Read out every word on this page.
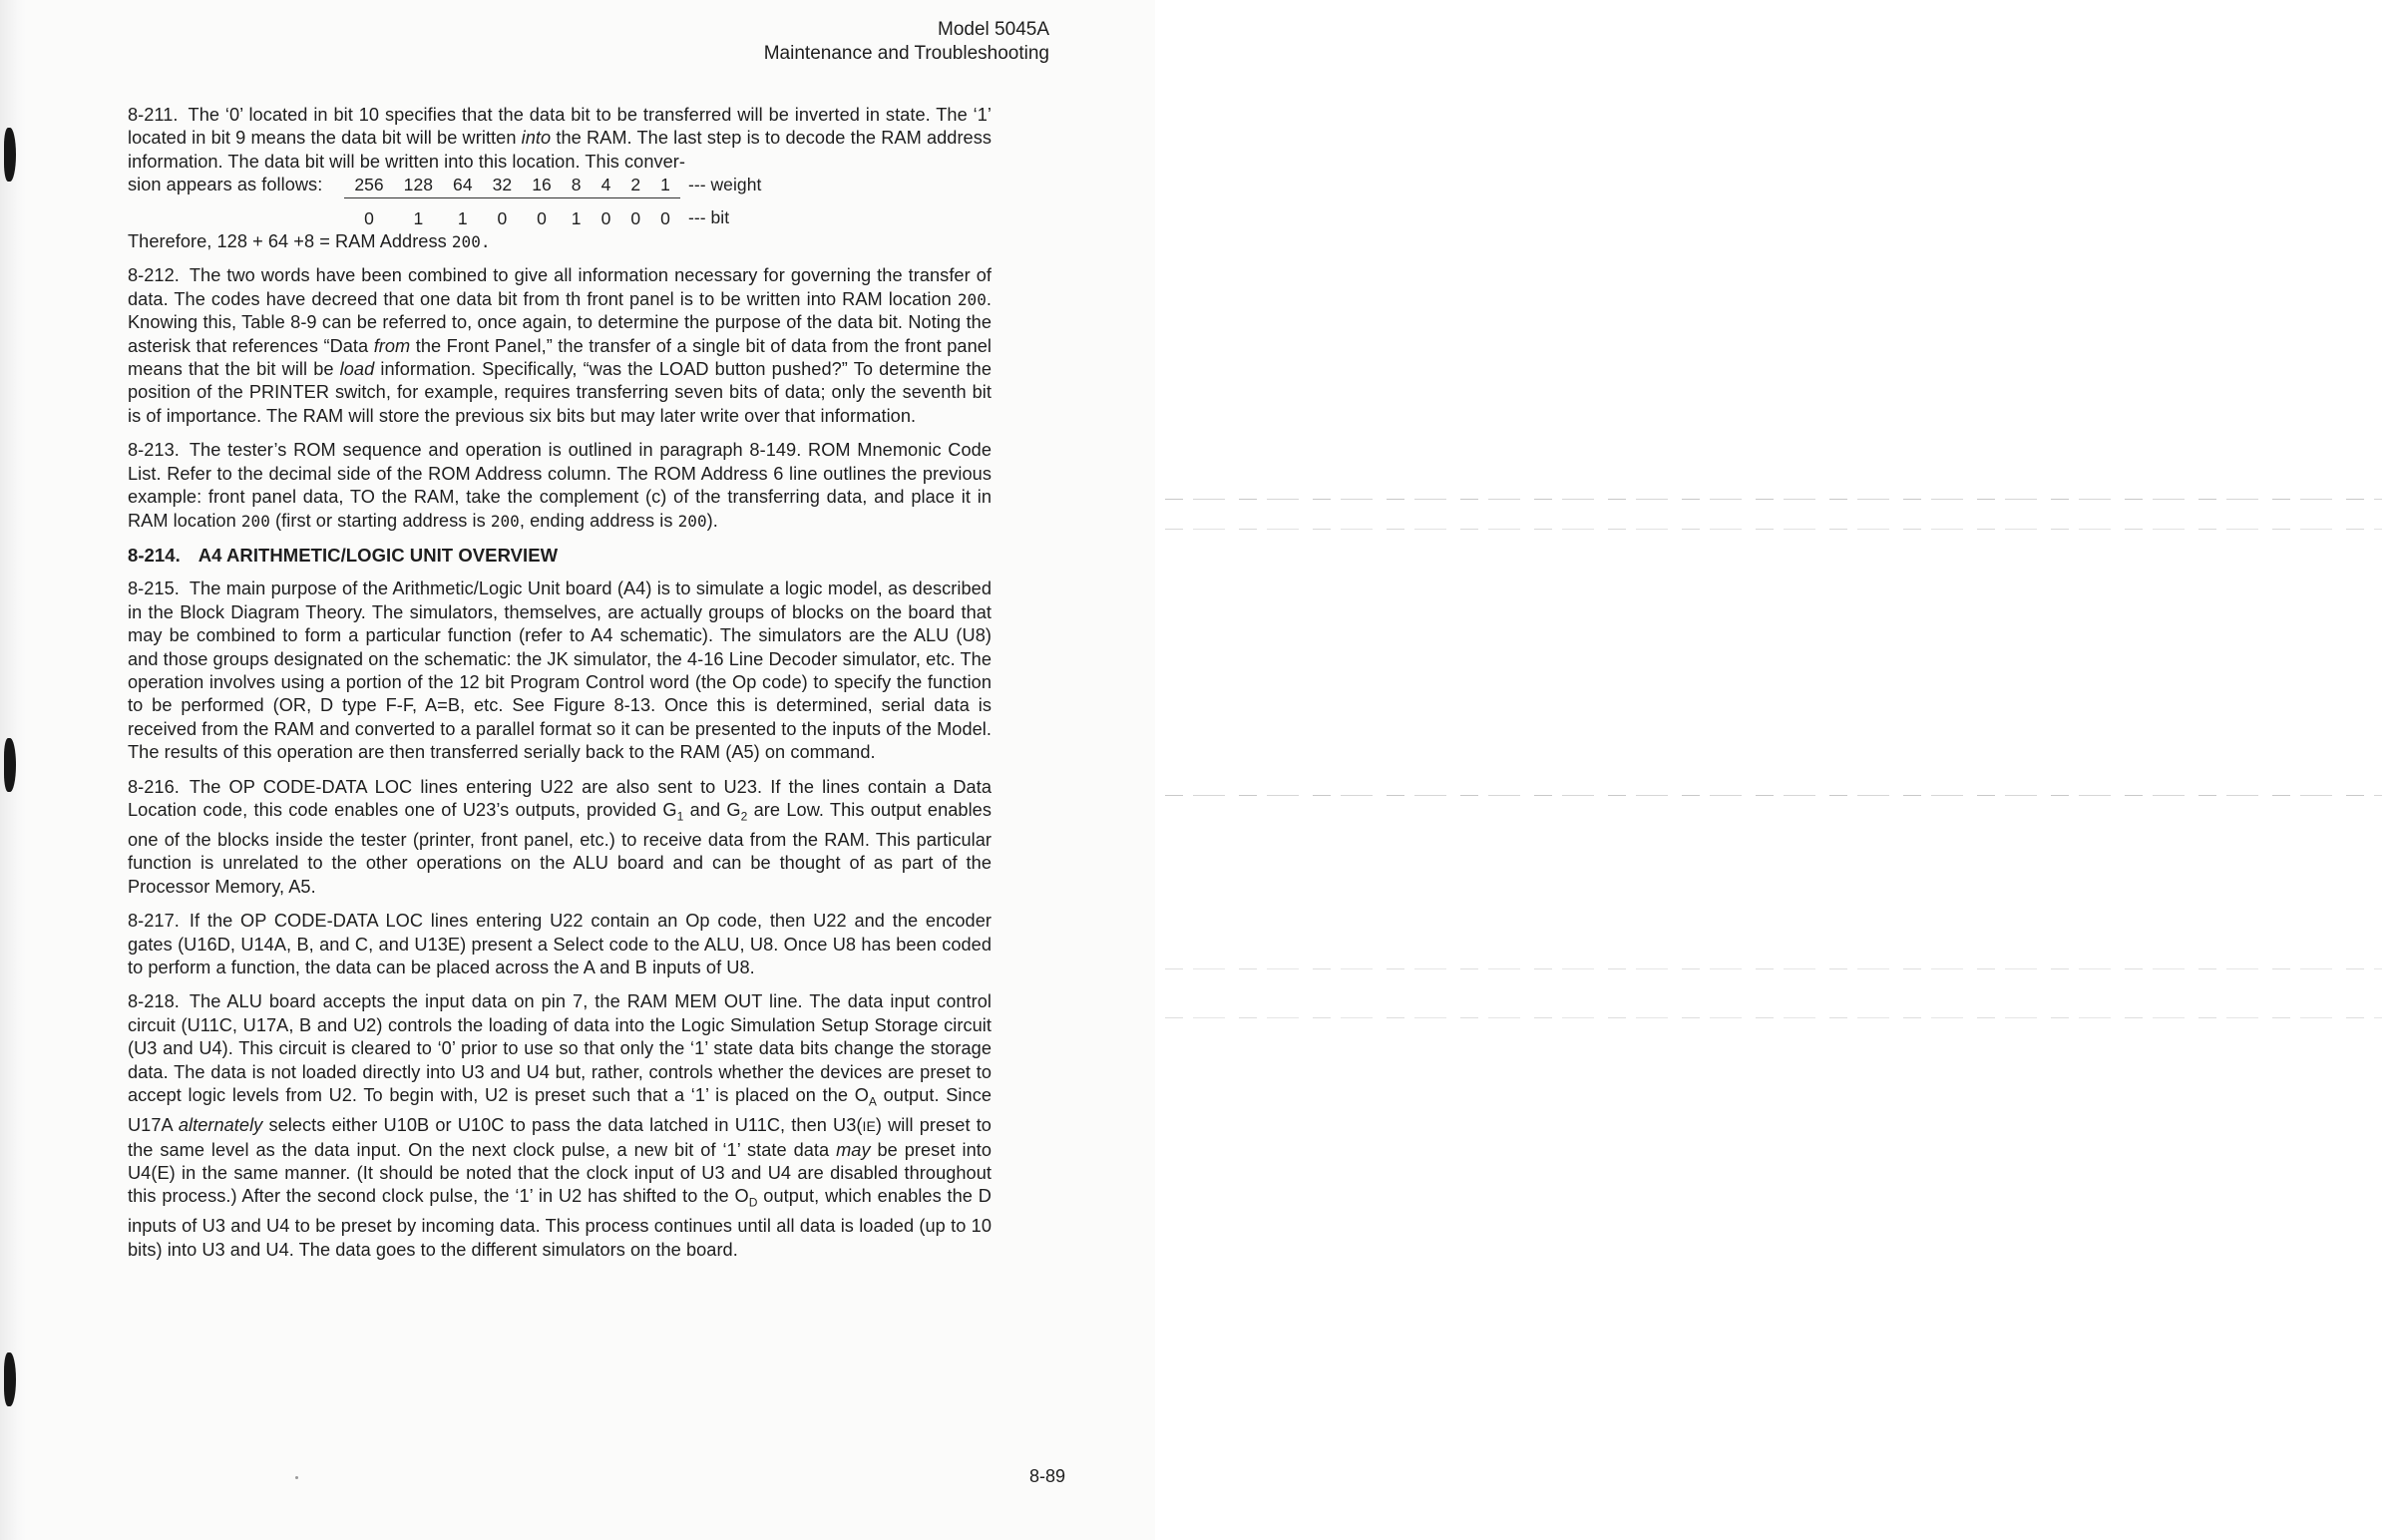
Model 5045A
Maintenance and Troubleshooting

8-211. The ‘0’ located in bit 10 specifies that the data bit to be transferred will be inverted in state. The ‘1’ located in bit 9 means the data bit will be written into the RAM. The last step is to decode the RAM address information. The data bit will be written into this location. This conver-

sion appears as follows: 256	128	64	32	16	8	4	2	1	--- weight
0	1	1	0	0	1	0	0	0	--- bit

Therefore, 128 + 64 +8 = RAM Address 200.

8-212. The two words have been combined to give all information necessary for governing the transfer of data. The codes have decreed that one data bit from th front panel is to be written into RAM location 200. Knowing this, Table 8-9 can be referred to, once again, to determine the purpose of the data bit. Noting the asterisk that references “Data from the Front Panel,” the transfer of a single bit of data from the front panel means that the bit will be load information. Specifically, “was the LOAD button pushed?” To determine the position of the PRINTER switch, for example, requires transferring seven bits of data; only the seventh bit is of importance. The RAM will store the previous six bits but may later write over that information.

8-213. The tester’s ROM sequence and operation is outlined in paragraph 8-149. ROM Mnemonic Code List. Refer to the decimal side of the ROM Address column. The ROM Address 6 line outlines the previous example: front panel data, TO the RAM, take the complement (c) of the transferring data, and place it in RAM location 200 (first or starting address is 200, ending address is 200).

8-214. A4 ARITHMETIC/LOGIC UNIT OVERVIEW

8-215. The main purpose of the Arithmetic/Logic Unit board (A4) is to simulate a logic model, as described in the Block Diagram Theory. The simulators, themselves, are actually groups of blocks on the board that may be combined to form a particular function (refer to A4 schematic). The simulators are the ALU (U8) and those groups designated on the schematic: the JK simulator, the 4-16 Line Decoder simulator, etc. The operation involves using a portion of the 12 bit Program Control word (the Op code) to specify the function to be performed (OR, D type F-F, A=B, etc. See Figure 8-13. Once this is determined, serial data is received from the RAM and converted to a parallel format so it can be presented to the inputs of the Model. The results of this operation are then transferred serially back to the RAM (A5) on command.

8-216. The OP CODE-DATA LOC lines entering U22 are also sent to U23. If the lines contain a Data Location code, this code enables one of U23’s outputs, provided $G_1$ and $G_2$ are Low. This output enables one of the blocks inside the tester (printer, front panel, etc.) to receive data from the RAM. This particular function is unrelated to the other operations on the ALU board and can be thought of as part of the Processor Memory, A5.

8-217. If the OP CODE-DATA LOC lines entering U22 contain an Op code, then U22 and the encoder gates (U16D, U14A, B, and C, and U13E) present a Select code to the ALU, U8. Once U8 has been coded to perform a function, the data can be placed across the A and B inputs of U8.

8-218. The ALU board accepts the input data on pin 7, the RAM MEM OUT line. The data input control circuit (U11C, U17A, B and U2) controls the loading of data into the Logic Simulation Setup Storage circuit (U3 and U4). This circuit is cleared to ‘0’ prior to use so that only the ‘1’ state data bits change the storage data. The data is not loaded directly into U3 and U4 but, rather, controls whether the devices are preset to accept logic levels from U2. To begin with, U2 is preset such that a ‘1’ is placed on the $O_A$ output. Since U17A alternately selects either U10B or U10C to pass the data latched in U11C, then U3(IE) will preset to the same level as the data input. On the next clock pulse, a new bit of ‘1’ state data may be preset into U4(E) in the same manner. (It should be noted that the clock input of U3 and U4 are disabled throughout this process.) After the second clock pulse, the ‘1’ in U2 has shifted to the $O_D$ output, which enables the D inputs of U3 and U4 to be preset by incoming data. This process continues until all data is loaded (up to 10 bits) into U3 and U4. The data goes to the different simulators on the board.

8-89
